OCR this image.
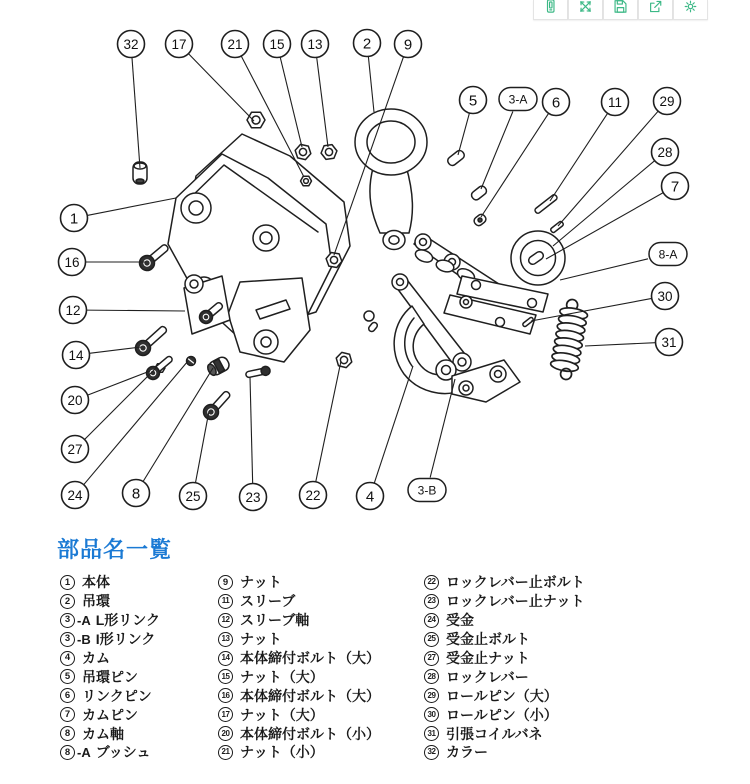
32 17	21 15 13	2 9
5	3-A 6	11	29
28
7
8-A
30
31
1
16
12
14
20
27
24	8	25	23	22	4	3-B
部品名一覧
1 本体
2 吊環
3 -A L形リンク
3 -B I形リンク
4 カム
5 吊環ピン
6 リンクピン
7 カムピン
8 カム軸
8 -A ブッシュ
9 ナット
11 スリーブ
12 スリーブ軸
13 ナット
14 本体締付ボルト（大）
15 ナット（大）
16 本体締付ボルト（大）
17 ナット（大）
20 本体締付ボルト（小）
21 ナット（小）
22 ロックレバー止ボルト
23 ロックレバー止ナット
24 受金
25 受金止ボルト
27 受金止ナット
28 ロックレバー
29 ロールピン（大）
30 ロールピン（小）
31 引張コイルバネ
32 カラー
